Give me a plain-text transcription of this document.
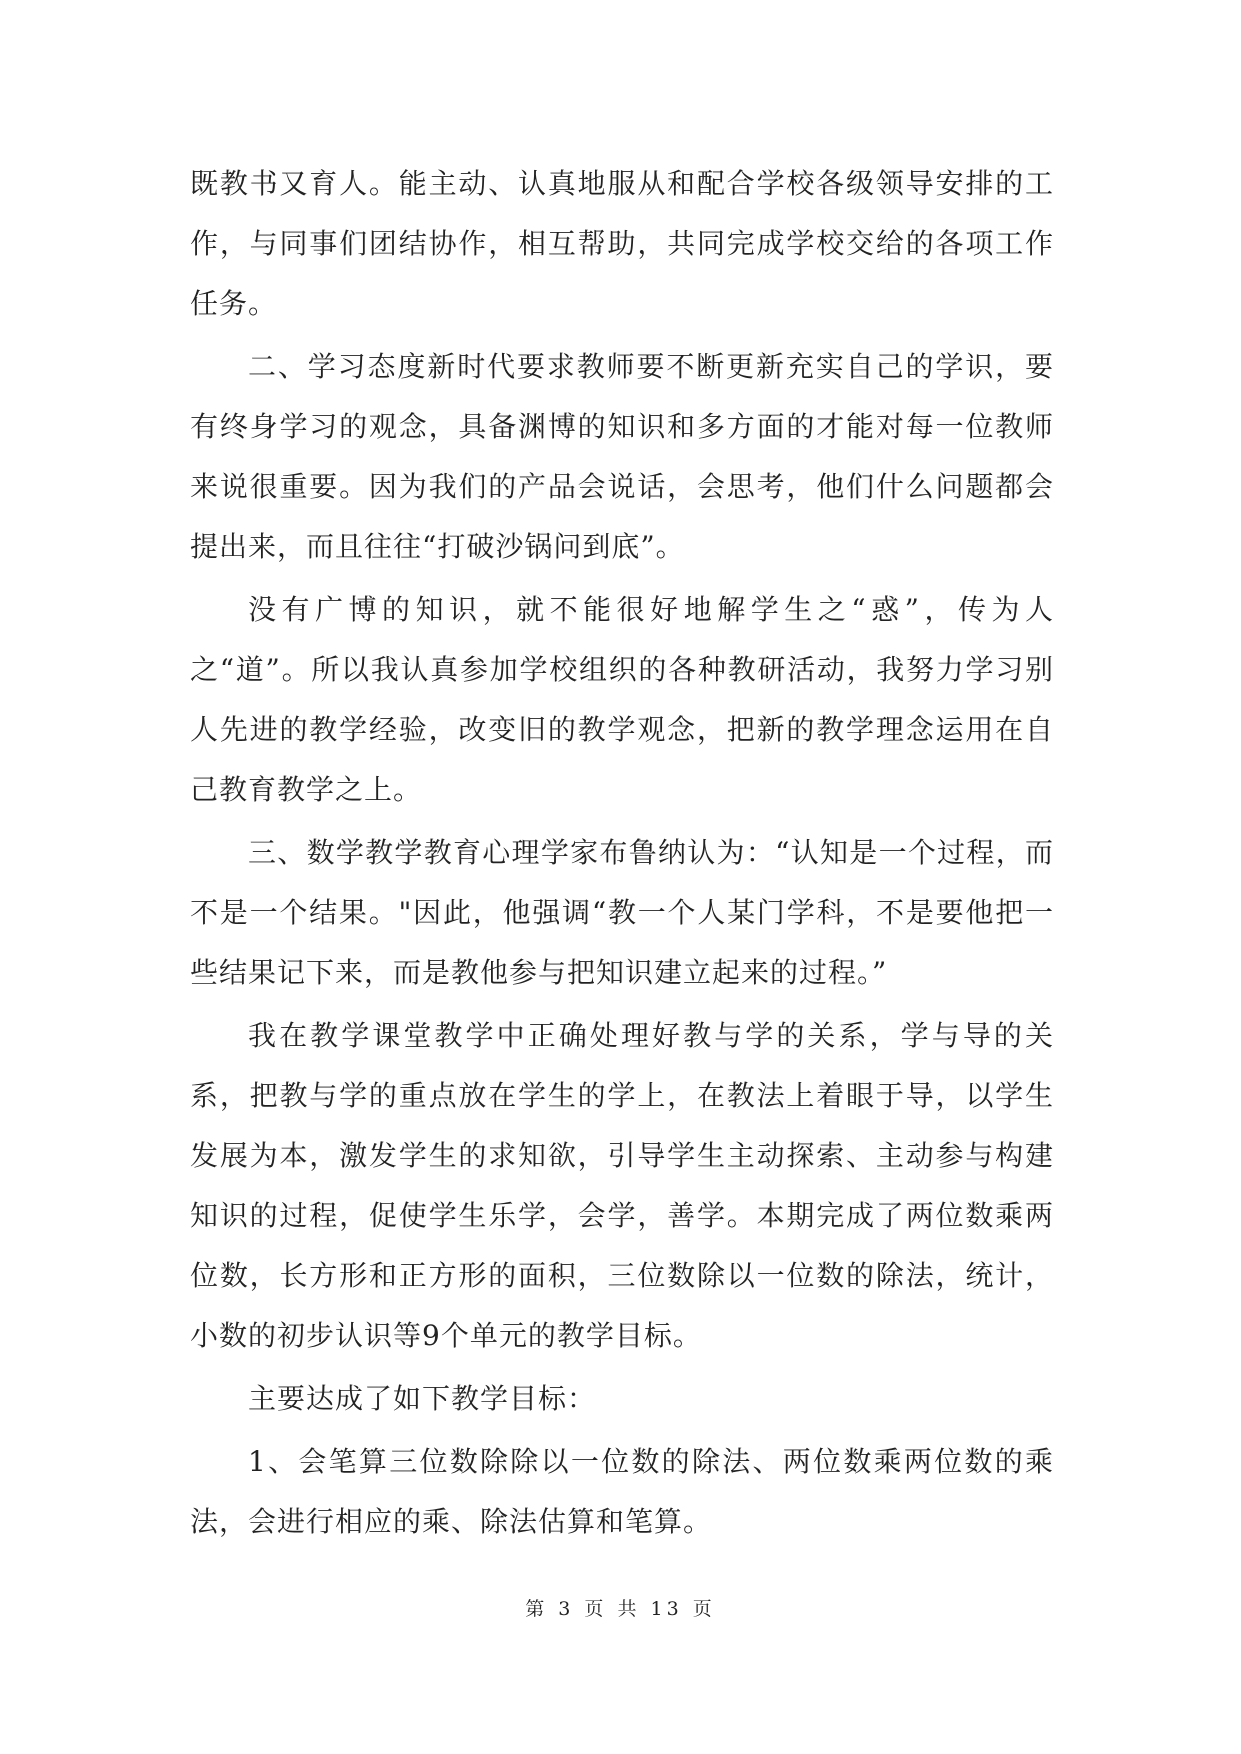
既教书又育人。能主动、认真地服从和配合学校各级领导安排的工作，与同事们团结协作，相互帮助，共同完成学校交给的各项工作任务。

二、学习态度新时代要求教师要不断更新充实自己的学识，要有终身学习的观念，具备渊博的知识和多方面的才能对每一位教师来说很重要。因为我们的产品会说话，会思考，他们什么问题都会提出来，而且往往“打破沙锅问到底”。

没有广博的知识，就不能很好地解学生之“惑”，传为人之“道”。所以我认真参加学校组织的各种教研活动，我努力学习别人先进的教学经验，改变旧的教学观念，把新的教学理念运用在自己教育教学之上。

三、数学教学教育心理学家布鲁纳认为：“认知是一个过程，而不是一个结果。"因此，他强调“教一个人某门学科，不是要他把一些结果记下来，而是教他参与把知识建立起来的过程。”

我在教学课堂教学中正确处理好教与学的关系，学与导的关系，把教与学的重点放在学生的学上，在教法上着眼于导，以学生发展为本，激发学生的求知欲，引导学生主动探索、主动参与构建知识的过程，促使学生乐学，会学，善学。本期完成了两位数乘两位数，长方形和正方形的面积，三位数除以一位数的除法，统计，小数的初步认识等9个单元的教学目标。

主要达成了如下教学目标：

1、会笔算三位数除除以一位数的除法、两位数乘两位数的乘法，会进行相应的乘、除法估算和笔算。

第 3 页 共 13 页
